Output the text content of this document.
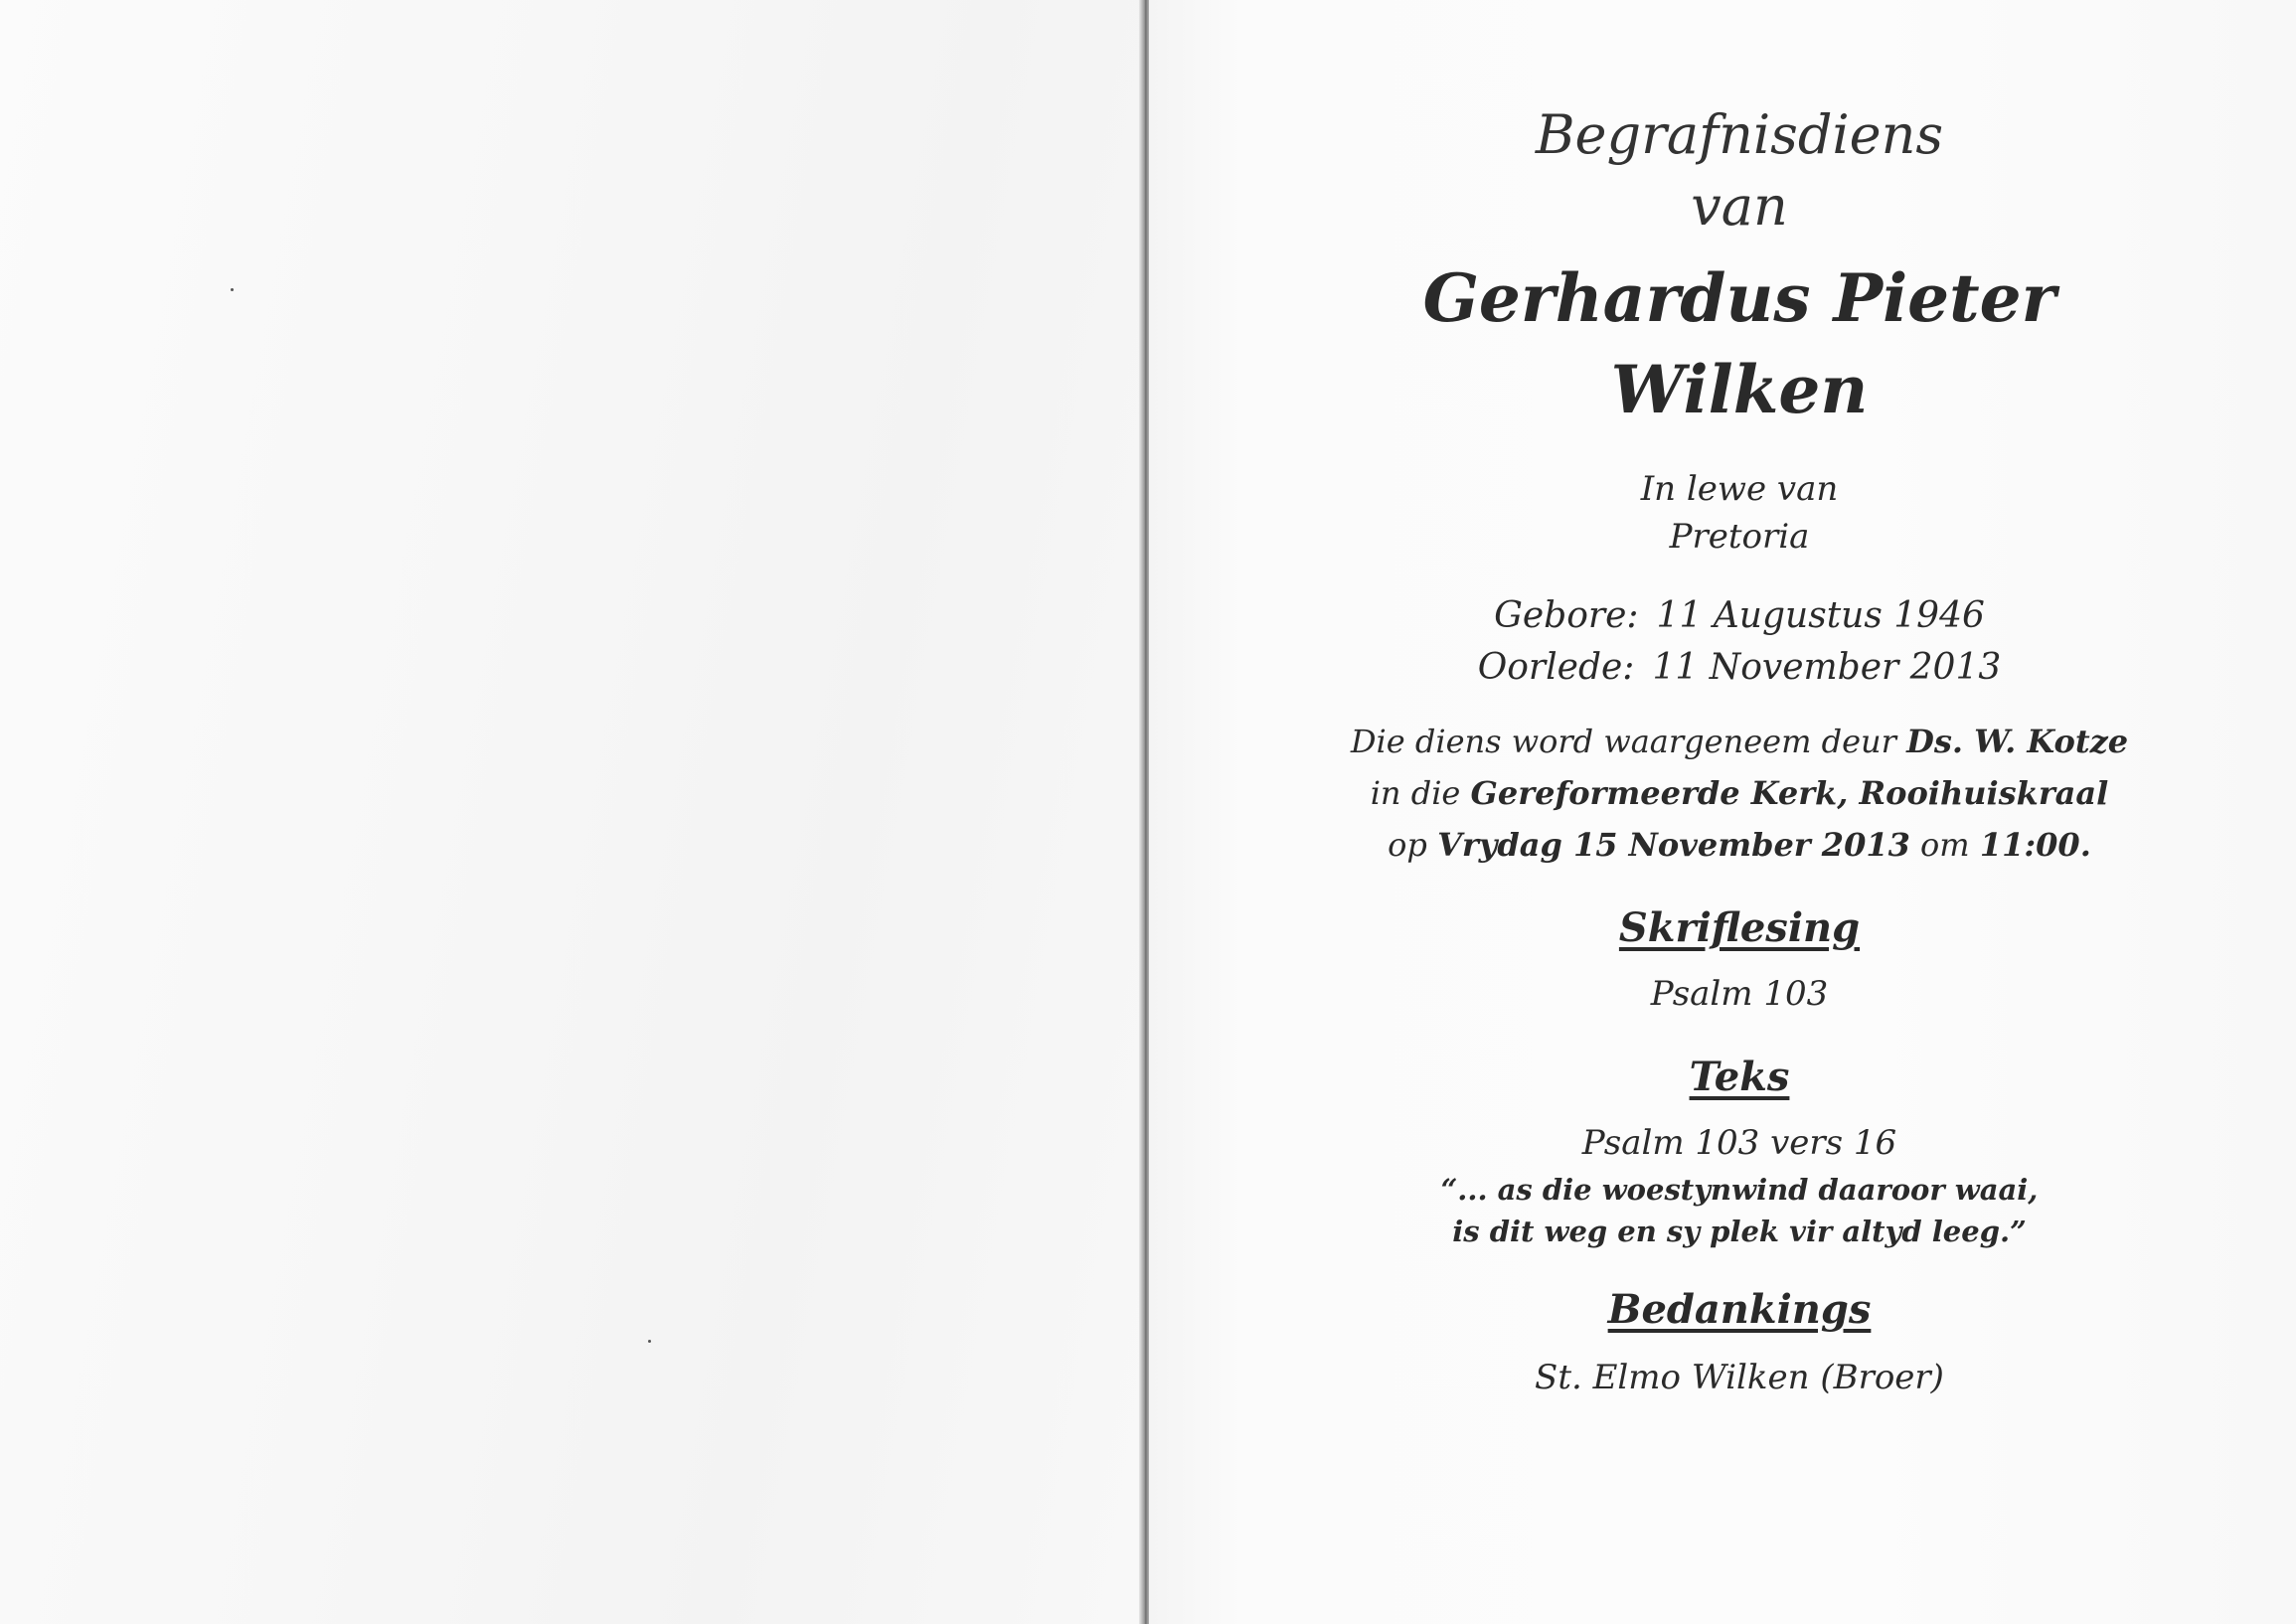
Begrafnisdiens
van
Gerhardus Pieter
Wilken
In lewe van
Pretoria
Gebore: 11 Augustus 1946
Oorlede: 11 November 2013
Die diens word waargeneem deur Ds. W. Kotze
in die Gereformeerde Kerk, Rooihuiskraal
op Vrydag 15 November 2013 om 11:00.
Skriflesing
Psalm 103
Teks
Psalm 103 vers 16
“... as die woestynwind daaroor waai,
is dit weg en sy plek vir altyd leeg.”
Bedankings
St. Elmo Wilken (Broer)
